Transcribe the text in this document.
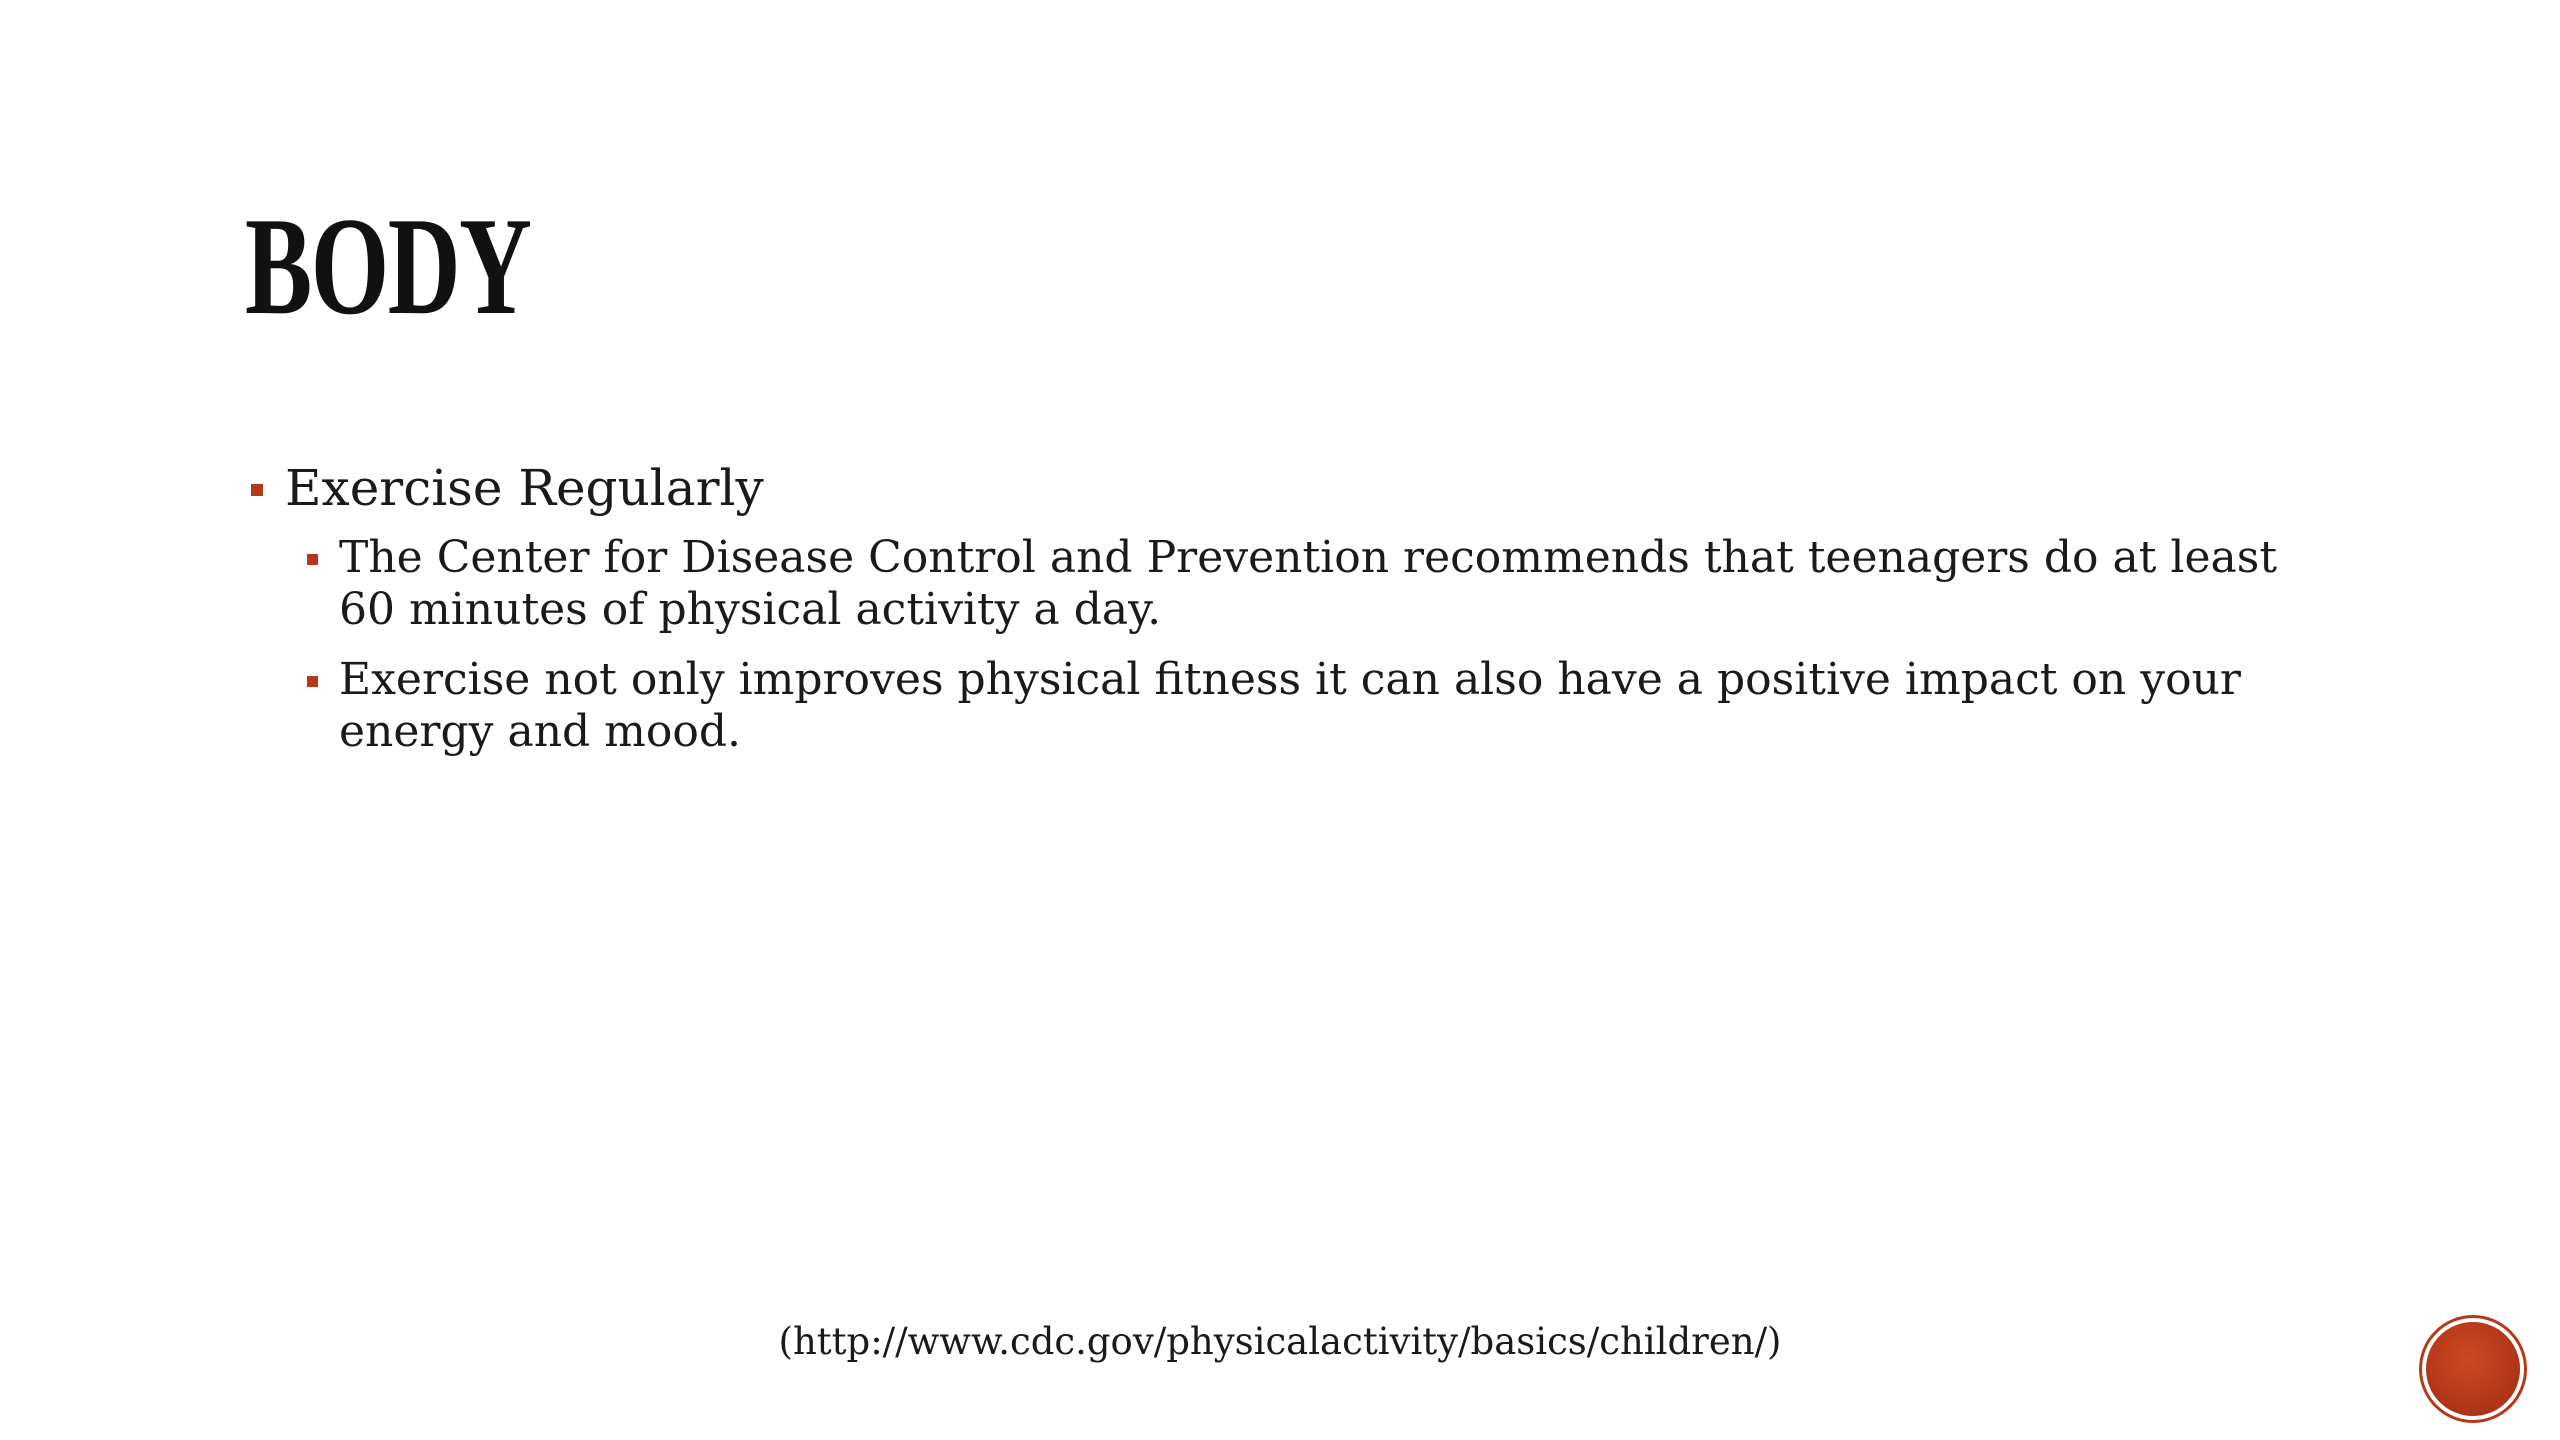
BODY

Exercise Regularly

The Center for Disease Control and Prevention recommends that teenagers do at least 60 minutes of physical activity a day.
Exercise not only improves physical fitness it can also have a positive impact on your energy and mood.

(http://www.cdc.gov/physicalactivity/basics/children/)
